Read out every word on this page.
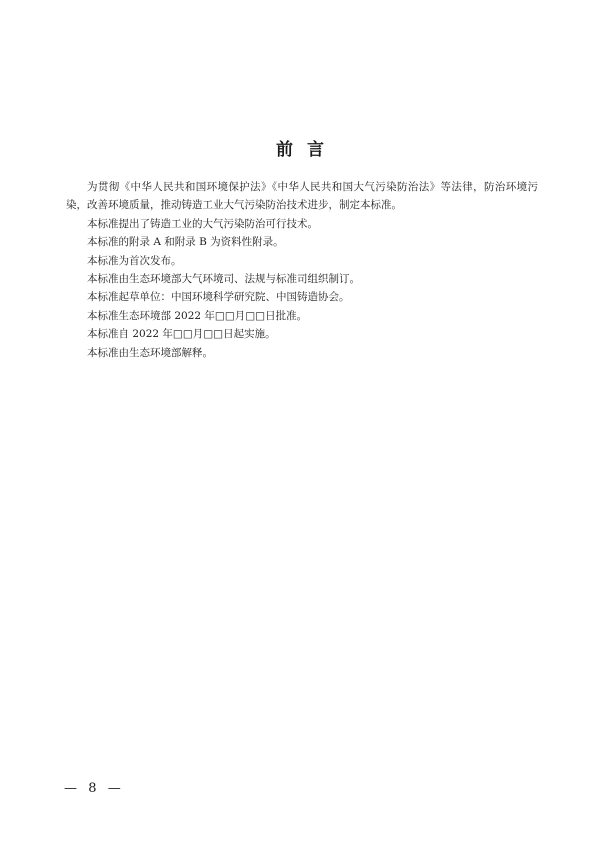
前言

为贯彻《中华人民共和国环境保护法》《中华人民共和国大气污染防治法》等法律，防治环境污染，改善环境质量，推动铸造工业大气污染防治技术进步，制定本标准。

本标准提出了铸造工业的大气污染防治可行技术。

本标准的附录 A 和附录 B 为资料性附录。

本标准为首次发布。

本标准由生态环境部大气环境司、法规与标准司组织制订。

本标准起草单位：中国环境科学研究院、中国铸造协会。

本标准生态环境部 2022 年□□月□□日批准。

本标准自 2022 年□□月□□日起实施。

本标准由生态环境部解释。

—  8  —
